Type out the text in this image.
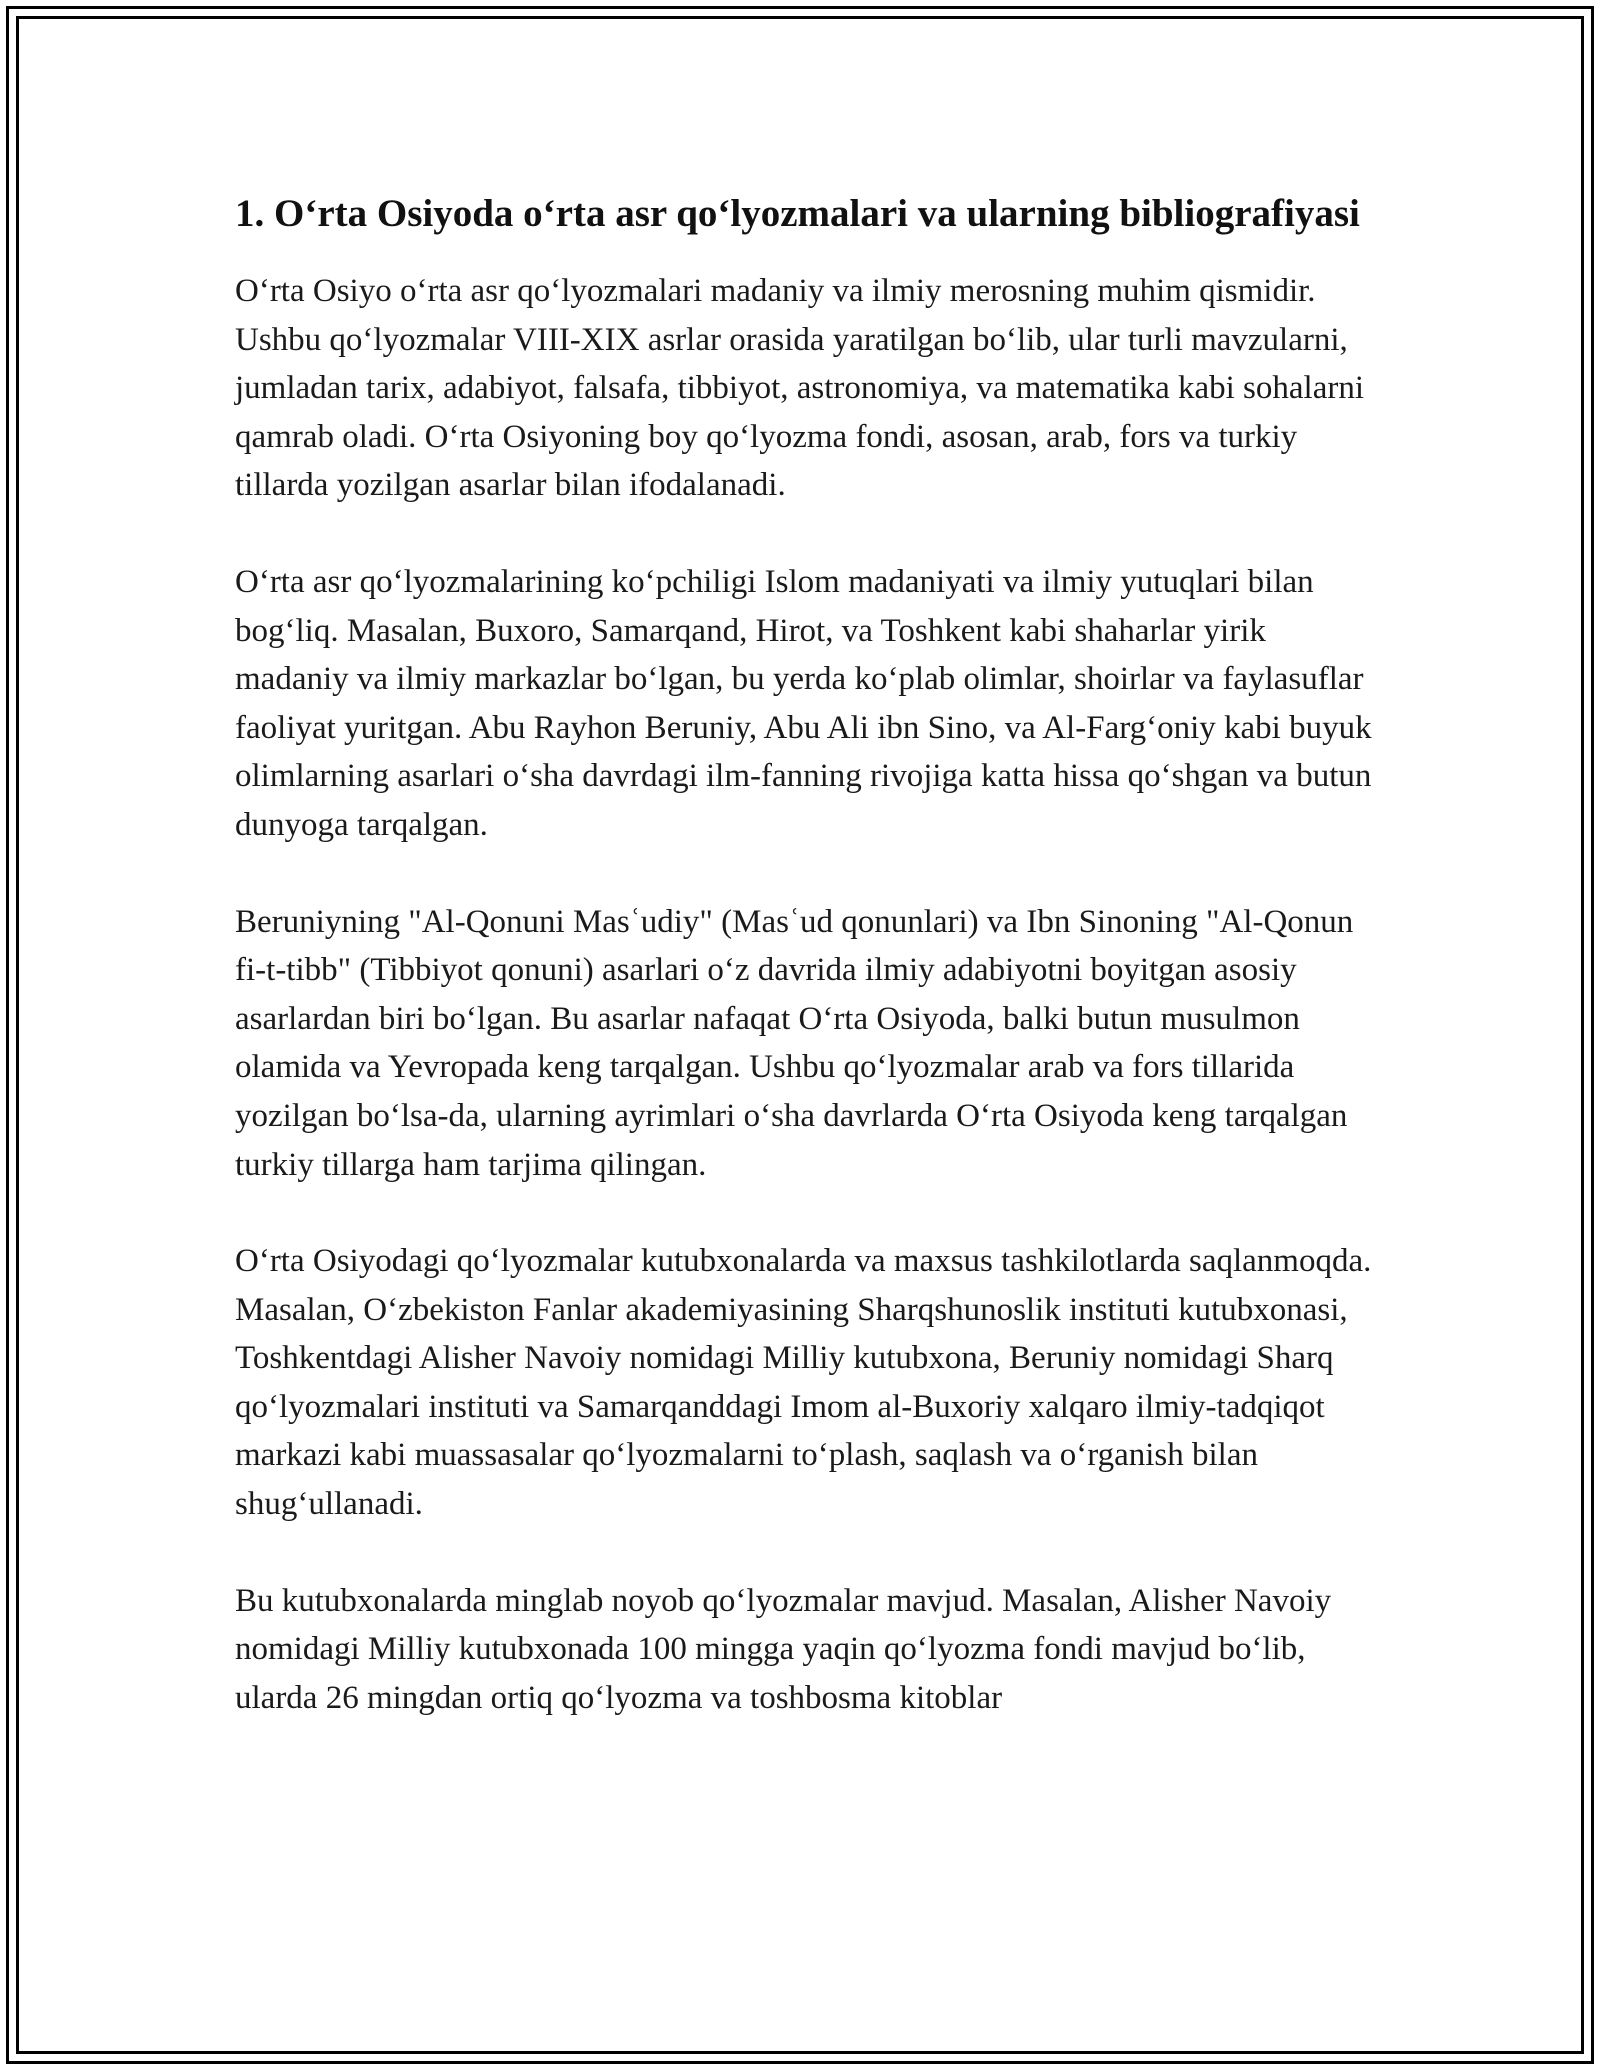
1. O‘rta Osiyoda o‘rta asr qo‘lyozmalari va ularning bibliografiyasi

O‘rta Osiyo o‘rta asr qo‘lyozmalari madaniy va ilmiy merosning muhim qismidir. Ushbu qo‘lyozmalar VIII-XIX asrlar orasida yaratilgan bo‘lib, ular turli mavzularni, jumladan tarix, adabiyot, falsafa, tibbiyot, astronomiya, va matematika kabi sohalarni qamrab oladi. O‘rta Osiyoning boy qo‘lyozma fondi, asosan, arab, fors va turkiy tillarda yozilgan asarlar bilan ifodalanadi.

O‘rta asr qo‘lyozmalarining ko‘pchiligi Islom madaniyati va ilmiy yutuqlari bilan bog‘liq. Masalan, Buxoro, Samarqand, Hirot, va Toshkent kabi shaharlar yirik madaniy va ilmiy markazlar bo‘lgan, bu yerda ko‘plab olimlar, shoirlar va faylasuflar faoliyat yuritgan. Abu Rayhon Beruniy, Abu Ali ibn Sino, va Al-Farg‘oniy kabi buyuk olimlarning asarlari o‘sha davrdagi ilm-fanning rivojiga katta hissa qo‘shgan va butun dunyoga tarqalgan.

Beruniyning "Al-Qonuni Masʿudiy" (Masʿud qonunlari) va Ibn Sinoning "Al-Qonun fi-t-tibb" (Tibbiyot qonuni) asarlari o‘z davrida ilmiy adabiyotni boyitgan asosiy asarlardan biri bo‘lgan. Bu asarlar nafaqat O‘rta Osiyoda, balki butun musulmon olamida va Yevropada keng tarqalgan. Ushbu qo‘lyozmalar arab va fors tillarida yozilgan bo‘lsa-da, ularning ayrimlari o‘sha davrlarda O‘rta Osiyoda keng tarqalgan turkiy tillarga ham tarjima qilingan.

O‘rta Osiyodagi qo‘lyozmalar kutubxonalarda va maxsus tashkilotlarda saqlanmoqda. Masalan, O‘zbekiston Fanlar akademiyasining Sharqshunoslik instituti kutubxonasi, Toshkentdagi Alisher Navoiy nomidagi Milliy kutubxona, Beruniy nomidagi Sharq qo‘lyozmalari instituti va Samarqanddagi Imom al-Buxoriy xalqaro ilmiy-tadqiqot markazi kabi muassasalar qo‘lyozmalarni to‘plash, saqlash va o‘rganish bilan shug‘ullanadi.

Bu kutubxonalarda minglab noyob qo‘lyozmalar mavjud. Masalan, Alisher Navoiy nomidagi Milliy kutubxonada 100 mingga yaqin qo‘lyozma fondi mavjud bo‘lib, ularda 26 mingdan ortiq qo‘lyozma va toshbosma kitoblar
